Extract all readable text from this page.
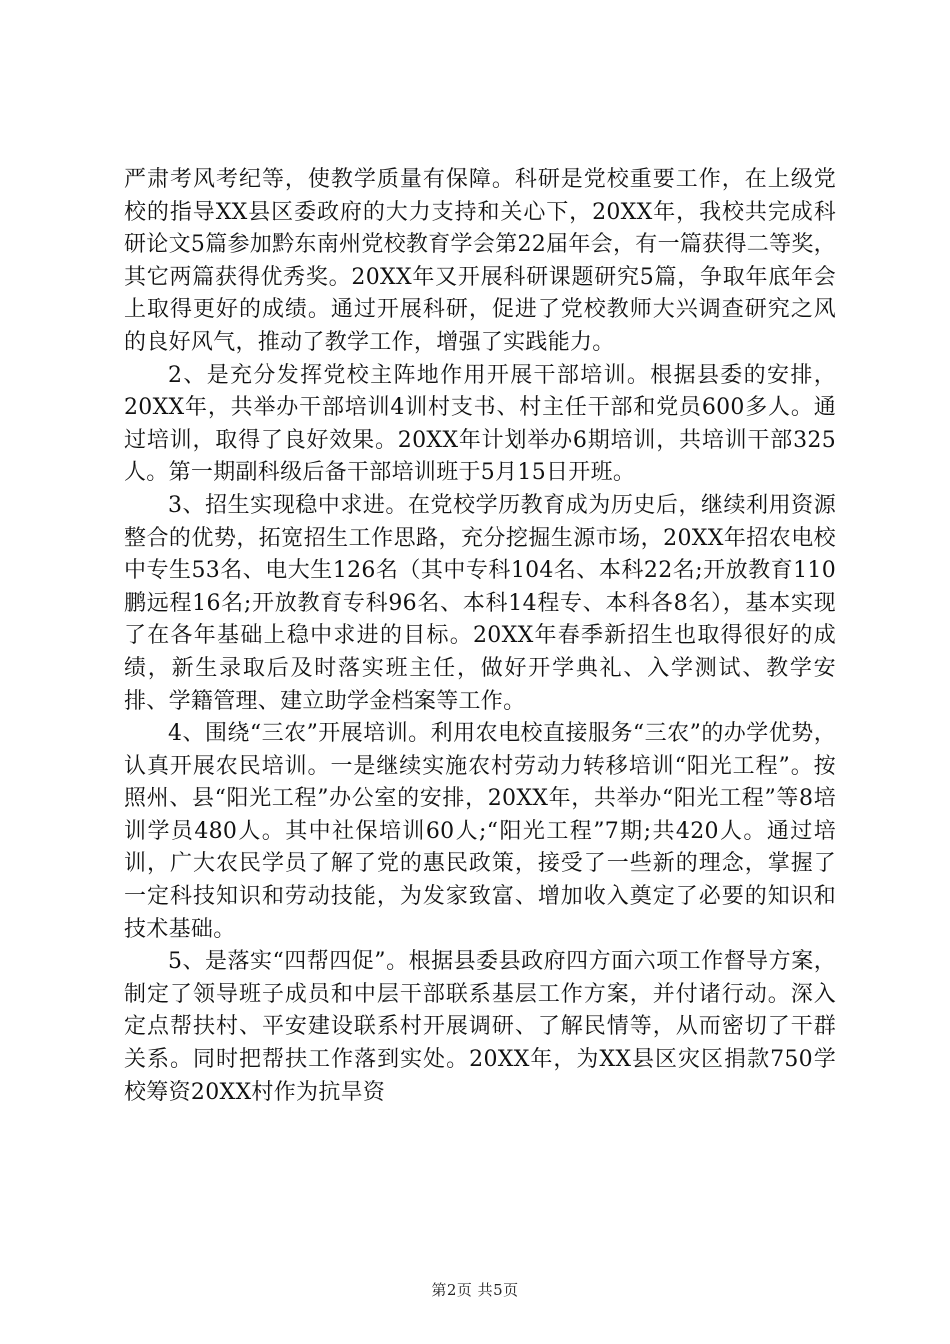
严肃考风考纪等，使教学质量有保障。科研是党校重要工作，在上级党校的指导XX县区委政府的大力支持和关心下，20XX年，我校共完成科研论文5篇参加黔东南州党校教育学会第22届年会，有一篇获得二等奖，其它两篇获得优秀奖。20XX年又开展科研课题研究5篇，争取年底年会上取得更好的成绩。通过开展科研，促进了党校教师大兴调查研究之风的良好风气，推动了教学工作，增强了实践能力。

2、是充分发挥党校主阵地作用开展干部培训。根据县委的安排，20XX年，共举办干部培训4训村支书、村主任干部和党员600多人。通过培训，取得了良好效果。20XX年计划举办6期培训，共培训干部325人。第一期副科级后备干部培训班于5月15日开班。

3、招生实现稳中求进。在党校学历教育成为历史后，继续利用资源整合的优势，拓宽招生工作思路，充分挖掘生源市场，20XX年招农电校中专生53名、电大生126名（其中专科104名、本科22名;开放教育110鹏远程16名;开放教育专科96名、本科14程专、本科各8名），基本实现了在各年基础上稳中求进的目标。20XX年春季新招生也取得很好的成绩，新生录取后及时落实班主任，做好开学典礼、入学测试、教学安排、学籍管理、建立助学金档案等工作。

4、围绕“三农”开展培训。利用农电校直接服务“三农”的办学优势，认真开展农民培训。一是继续实施农村劳动力转移培训“阳光工程”。按照州、县“阳光工程”办公室的安排，20XX年，共举办“阳光工程”等8培训学员480人。其中社保培训60人;“阳光工程”7期;共420人。通过培训，广大农民学员了解了党的惠民政策，接受了一些新的理念，掌握了一定科技知识和劳动技能，为发家致富、增加收入奠定了必要的知识和技术基础。

5、是落实“四帮四促”。根据县委县政府四方面六项工作督导方案，制定了领导班子成员和中层干部联系基层工作方案，并付诸行动。深入定点帮扶村、平安建设联系村开展调研、了解民情等，从而密切了干群关系。同时把帮扶工作落到实处。20XX年，为XX县区灾区捐款750学校筹资20XX村作为抗旱资

第2页 共5页
